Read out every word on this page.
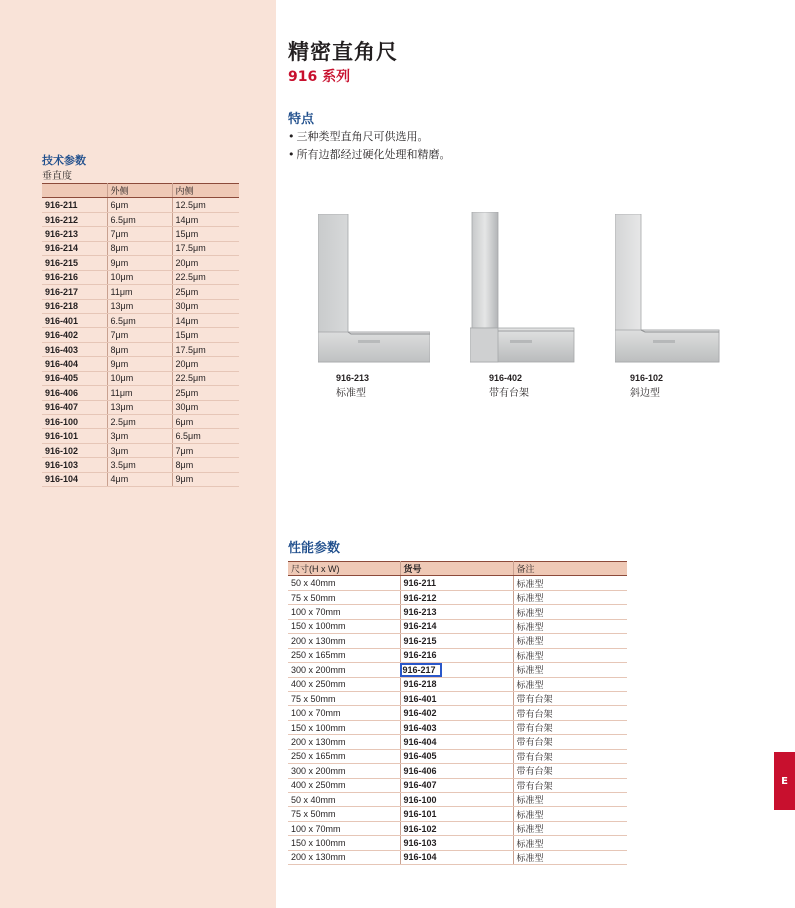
技术参数
垂直度
	外侧	内侧
916-211	6μm	12.5μm
916-212	6.5μm	14μm
916-213	7μm	15μm
916-214	8μm	17.5μm
916-215	9μm	20μm
916-216	10μm	22.5μm
916-217	11μm	25μm
916-218	13μm	30μm
916-401	6.5μm	14μm
916-402	7μm	15μm
916-403	8μm	17.5μm
916-404	9μm	20μm
916-405	10μm	22.5μm
916-406	11μm	25μm
916-407	13μm	30μm
916-100	2.5μm	6μm
916-101	3μm	6.5μm
916-102	3μm	7μm
916-103	3.5μm	8μm
916-104	4μm	9μm
精密直角尺
916 系列
特点
• 三种类型直角尺可供选用。
• 所有边都经过硬化处理和精磨。
916-213
标准型
916-402
带有台架
916-102
斜边型
性能参数
尺寸(H x W)	货号	备注
50 x 40mm	916-211	标准型
75 x 50mm	916-212	标准型
100 x 70mm	916-213	标准型
150 x 100mm	916-214	标准型
200 x 130mm	916-215	标准型
250 x 165mm	916-216	标准型
300 x 200mm	916-217	标准型
400 x 250mm	916-218	标准型
75 x 50mm	916-401	带有台架
100 x 70mm	916-402	带有台架
150 x 100mm	916-403	带有台架
200 x 130mm	916-404	带有台架
250 x 165mm	916-405	带有台架
300 x 200mm	916-406	带有台架
400 x 250mm	916-407	带有台架
50 x 40mm	916-100	标准型
75 x 50mm	916-101	标准型
100 x 70mm	916-102	标准型
150 x 100mm	916-103	标准型
200 x 130mm	916-104	标准型
E
